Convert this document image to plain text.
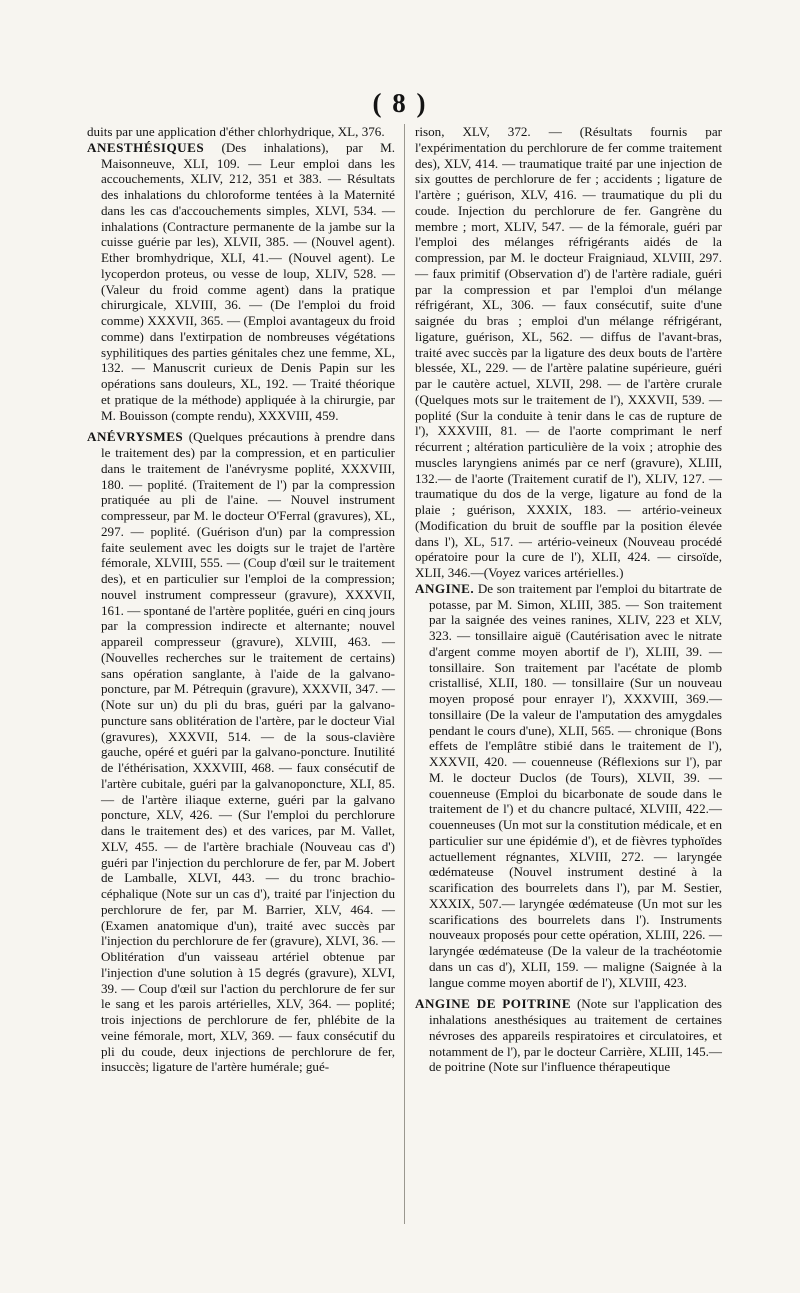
( 8 )

duits par une application d'éther chlorhydrique, XL, 376.

ANESTHÉSIQUES (Des inhalations), par M. Maisonneuve, XLI, 109. — Leur emploi dans les accouchements, XLIV, 212, 351 et 383. — Résultats des inhalations du chloroforme tentées à la Maternité dans les cas d'accouchements simples, XLVI, 534. — inhalations (Contracture permanente de la jambe sur la cuisse guérie par les), XLVII, 385. — (Nouvel agent). Ether bromhydrique, XLI, 41.— (Nouvel agent). Le lycoperdon proteus, ou vesse de loup, XLIV, 528. — (Valeur du froid comme agent) dans la pratique chirurgicale, XLVIII, 36. — (De l'emploi du froid comme) XXXVII, 365. — (Emploi avantageux du froid comme) dans l'extirpation de nombreuses végétations syphilitiques des parties génitales chez une femme, XL, 132. — Manuscrit curieux de Denis Papin sur les opérations sans douleurs, XL, 192. — Traité théorique et pratique de la méthode) appliquée à la chirurgie, par M. Bouisson (compte rendu), XXXVIII, 459.

ANÉVRYSMES (Quelques précautions à prendre dans le traitement des) par la compression, et en particulier dans le traitement de l'anévrysme poplité, XXXVIII, 180. — poplité. (Traitement de l') par la compression pratiquée au pli de l'aine. — Nouvel instrument compresseur, par M. le docteur O'Ferral (gravures), XL, 297. — poplité. (Guérison d'un) par la compression faite seulement avec les doigts sur le trajet de l'artère fémorale, XLVIII, 555. — (Coup d'œil sur le traitement des), et en particulier sur l'emploi de la compression; nouvel instrument compresseur (gravure), XXXVII, 161. — spontané de l'artère poplitée, guéri en cinq jours par la compression indirecte et alternante; nouvel appareil compresseur (gravure), XLVIII, 463. — (Nouvelles recherches sur le traitement de certains) sans opération sanglante, à l'aide de la galvano-poncture, par M. Pétrequin (gravure), XXXVII, 347. — (Note sur un) du pli du bras, guéri par la galvano-puncture sans oblitération de l'artère, par le docteur Vial (gravures), XXXVII, 514. — de la sous-clavière gauche, opéré et guéri par la galvano-poncture. Inutilité de l'éthérisation, XXXVIII, 468. — faux consécutif de l'artère cubitale, guéri par la galvanoponcture, XLI, 85. — de l'artère iliaque externe, guéri par la galvano poncture, XLV, 426. — (Sur l'emploi du perchlorure dans le traitement des) et des varices, par M. Vallet, XLV, 455. — de l'artère brachiale (Nouveau cas d') guéri par l'injection du perchlorure de fer, par M. Jobert de Lamballe, XLVI, 443. — du tronc brachio-céphalique (Note sur un cas d'), traité par l'injection du perchlorure de fer, par M. Barrier, XLV, 464. — (Examen anatomique d'un), traité avec succès par l'injection du perchlorure de fer (gravure), XLVI, 36. — Oblitération d'un vaisseau artériel obtenue par l'injection d'une solution à 15 degrés (gravure), XLVI, 39. — Coup d'œil sur l'action du perchlorure de fer sur le sang et les parois artérielles, XLV, 364. — poplité; trois injections de perchlorure de fer, phlébite de la veine fémorale, mort, XLV, 369. — faux consécutif du pli du coude, deux injections de perchlorure de fer, insuccès; ligature de l'artère humérale; gué-

rison, XLV, 372. — (Résultats fournis par l'expérimentation du perchlorure de fer comme traitement des), XLV, 414. — traumatique traité par une injection de six gouttes de perchlorure de fer ; accidents ; ligature de l'artère ; guérison, XLV, 416. — traumatique du pli du coude. Injection du perchlorure de fer. Gangrène du membre ; mort, XLIV, 547. — de la fémorale, guéri par l'emploi des mélanges réfrigérants aidés de la compression, par M. le docteur Fraigniaud, XLVIII, 297. — faux primitif (Observation d') de l'artère radiale, guéri par la compression et par l'emploi d'un mélange réfrigérant, XL, 306. — faux consécutif, suite d'une saignée du bras ; emploi d'un mélange réfrigérant, ligature, guérison, XL, 562. — diffus de l'avant-bras, traité avec succès par la ligature des deux bouts de l'artère blessée, XL, 229. — de l'artère palatine supérieure, guéri par le cautère actuel, XLVII, 298. — de l'artère crurale (Quelques mots sur le traitement de l'), XXXVII, 539. — poplité (Sur la conduite à tenir dans le cas de rupture de l'), XXXVIII, 81. — de l'aorte comprimant le nerf récurrent ; altération particulière de la voix ; atrophie des muscles laryngiens animés par ce nerf (gravure), XLIII, 132.— de l'aorte (Traitement curatif de l'), XLIV, 127. — traumatique du dos de la verge, ligature au fond de la plaie ; guérison, XXXIX, 183. — artério-veineux (Modification du bruit de souffle par la position élevée dans l'), XL, 517. — artério-veineux (Nouveau procédé opératoire pour la cure de l'), XLII, 424. — cirsoïde, XLII, 346.—(Voyez varices artérielles.)

ANGINE. De son traitement par l'emploi du bitartrate de potasse, par M. Simon, XLIII, 385. — Son traitement par la saignée des veines ranines, XLIV, 223 et XLV, 323. — tonsillaire aiguë (Cautérisation avec le nitrate d'argent comme moyen abortif de l'), XLIII, 39. — tonsillaire. Son traitement par l'acétate de plomb cristallisé, XLII, 180. — tonsillaire (Sur un nouveau moyen proposé pour enrayer l'), XXXVIII, 369.— tonsillaire (De la valeur de l'amputation des amygdales pendant le cours d'une), XLII, 565. — chronique (Bons effets de l'emplâtre stibié dans le traitement de l'), XXXVII, 420. — couenneuse (Réflexions sur l'), par M. le docteur Duclos (de Tours), XLVII, 39. — couenneuse (Emploi du bicarbonate de soude dans le traitement de l') et du chancre pultacé, XLVIII, 422.— couenneuses (Un mot sur la constitution médicale, et en particulier sur une épidémie d'), et de fièvres typhoïdes actuellement régnantes, XLVIII, 272. — laryngée œdémateuse (Nouvel instrument destiné à la scarification des bourrelets dans l'), par M. Sestier, XXXIX, 507.— laryngée œdémateuse (Un mot sur les scarifications des bourrelets dans l'). Instruments nouveaux proposés pour cette opération, XLIII, 226. — laryngée œdémateuse (De la valeur de la trachéotomie dans un cas d'), XLII, 159. — maligne (Saignée à la langue comme moyen abortif de l'), XLVIII, 423.

ANGINE DE POITRINE (Note sur l'application des inhalations anesthésiques au traitement de certaines névroses des appareils respiratoires et circulatoires, et notamment de l'), par le docteur Carrière, XLIII, 145.— de poitrine (Note sur l'influence thérapeutique
